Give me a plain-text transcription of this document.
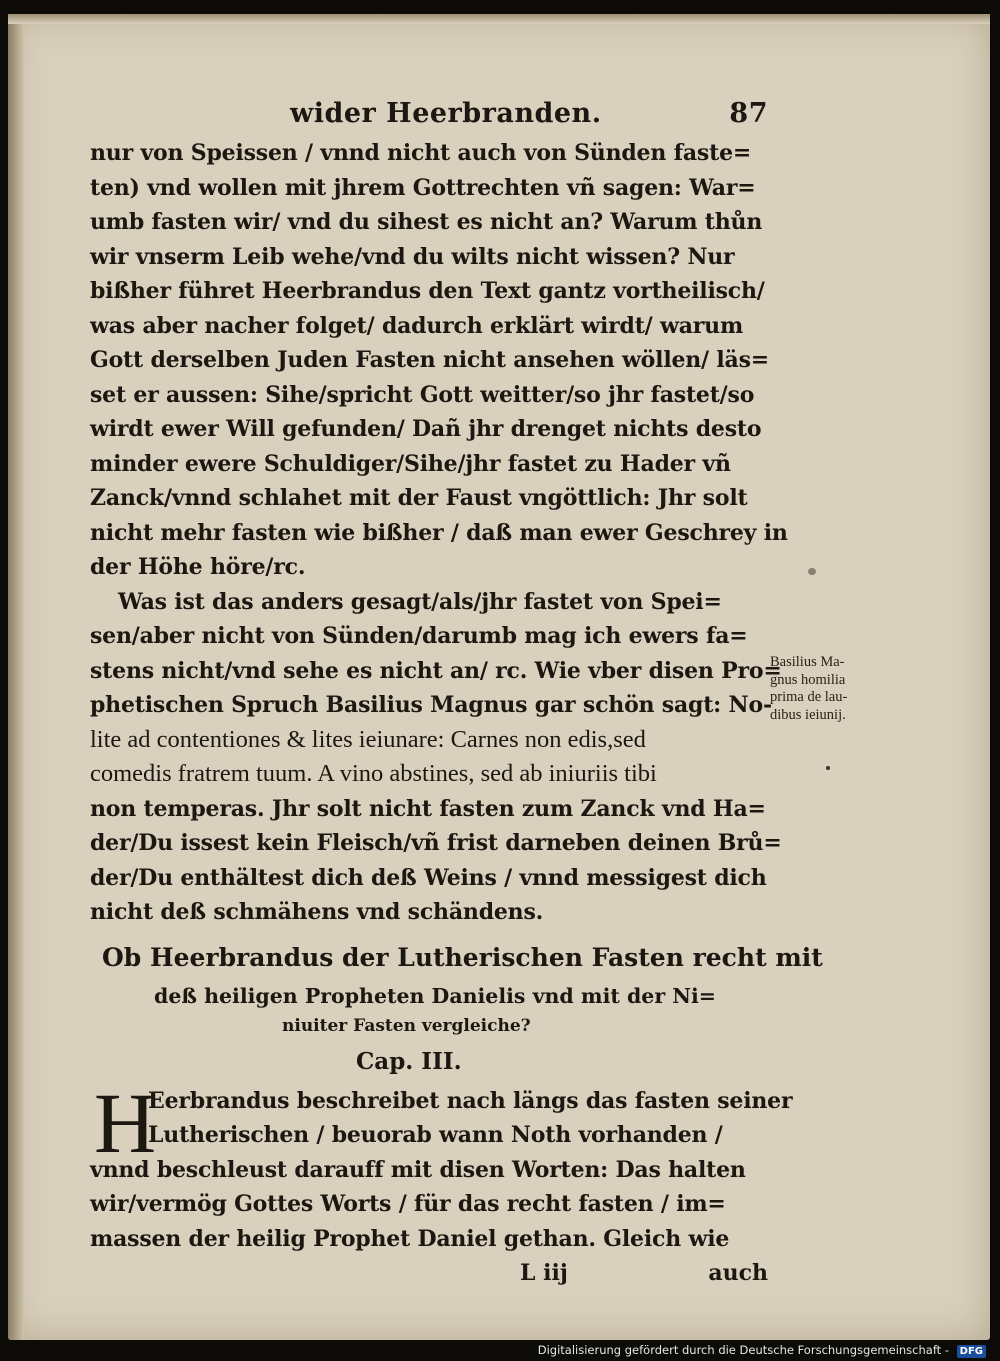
wider Heerbranden.	87
nur von Speissen / vnnd nicht auch von Sünden faste=
ten) vnd wollen mit jhrem Gottrechten vñ sagen: War=
umb fasten wir/ vnd du sihest es nicht an? Warum thůn
wir vnserm Leib wehe/vnd du wilts nicht wissen? Nur
bißher führet Heerbrandus den Text gantz vortheilisch/
was aber nacher folget/ dadurch erklärt wirdt/ warum
Gott derselben Juden Fasten nicht ansehen wöllen/ läs=
set er aussen: Sihe/spricht Gott weitter/so jhr fastet/so
wirdt ewer Will gefunden/ Dañ jhr drenget nichts desto
minder ewere Schuldiger/Sihe/jhr fastet zu Hader vñ
Zanck/vnnd schlahet mit der Faust vngöttlich: Jhr solt
nicht mehr fasten wie bißher / daß man ewer Geschrey in
der Höhe höre/rc.
Was ist das anders gesagt/als/jhr fastet von Spei=
sen/aber nicht von Sünden/darumb mag ich ewers fa=
stens nicht/vnd sehe es nicht an/ rc. Wie vber disen Pro=
phetischen Spruch Basilius Magnus gar schön sagt: No-
lite ad contentiones & lites ieiunare: Carnes non edis,sed
comedis fratrem tuum. A vino abstines, sed ab iniuriis tibi
non temperas. Jhr solt nicht fasten zum Zanck vnd Ha=
der/Du issest kein Fleisch/vñ frist darneben deinen Brů=
der/Du enthältest dich deß Weins / vnnd messigest dich
nicht deß schmähens vnd schändens.
Ob Heerbrandus der Lutherischen Fasten recht mit
deß heiligen Propheten Danielis vnd mit der Ni=
niuiter Fasten vergleiche?
Cap. III.
H
Eerbrandus beschreibet nach längs das fasten seiner
Lutherischen / beuorab wann Noth vorhanden /
vnnd beschleust darauff mit disen Worten: Das halten
wir/vermög Gottes Worts / für das recht fasten / im=
massen der heilig Prophet Daniel gethan. Gleich wie
L iij	auch
Basilius Ma-
gnus homilia
prima de lau-
dibus ieiunij.
Digitalisierung gefördert durch die Deutsche Forschungsgemeinschaft - DFG
